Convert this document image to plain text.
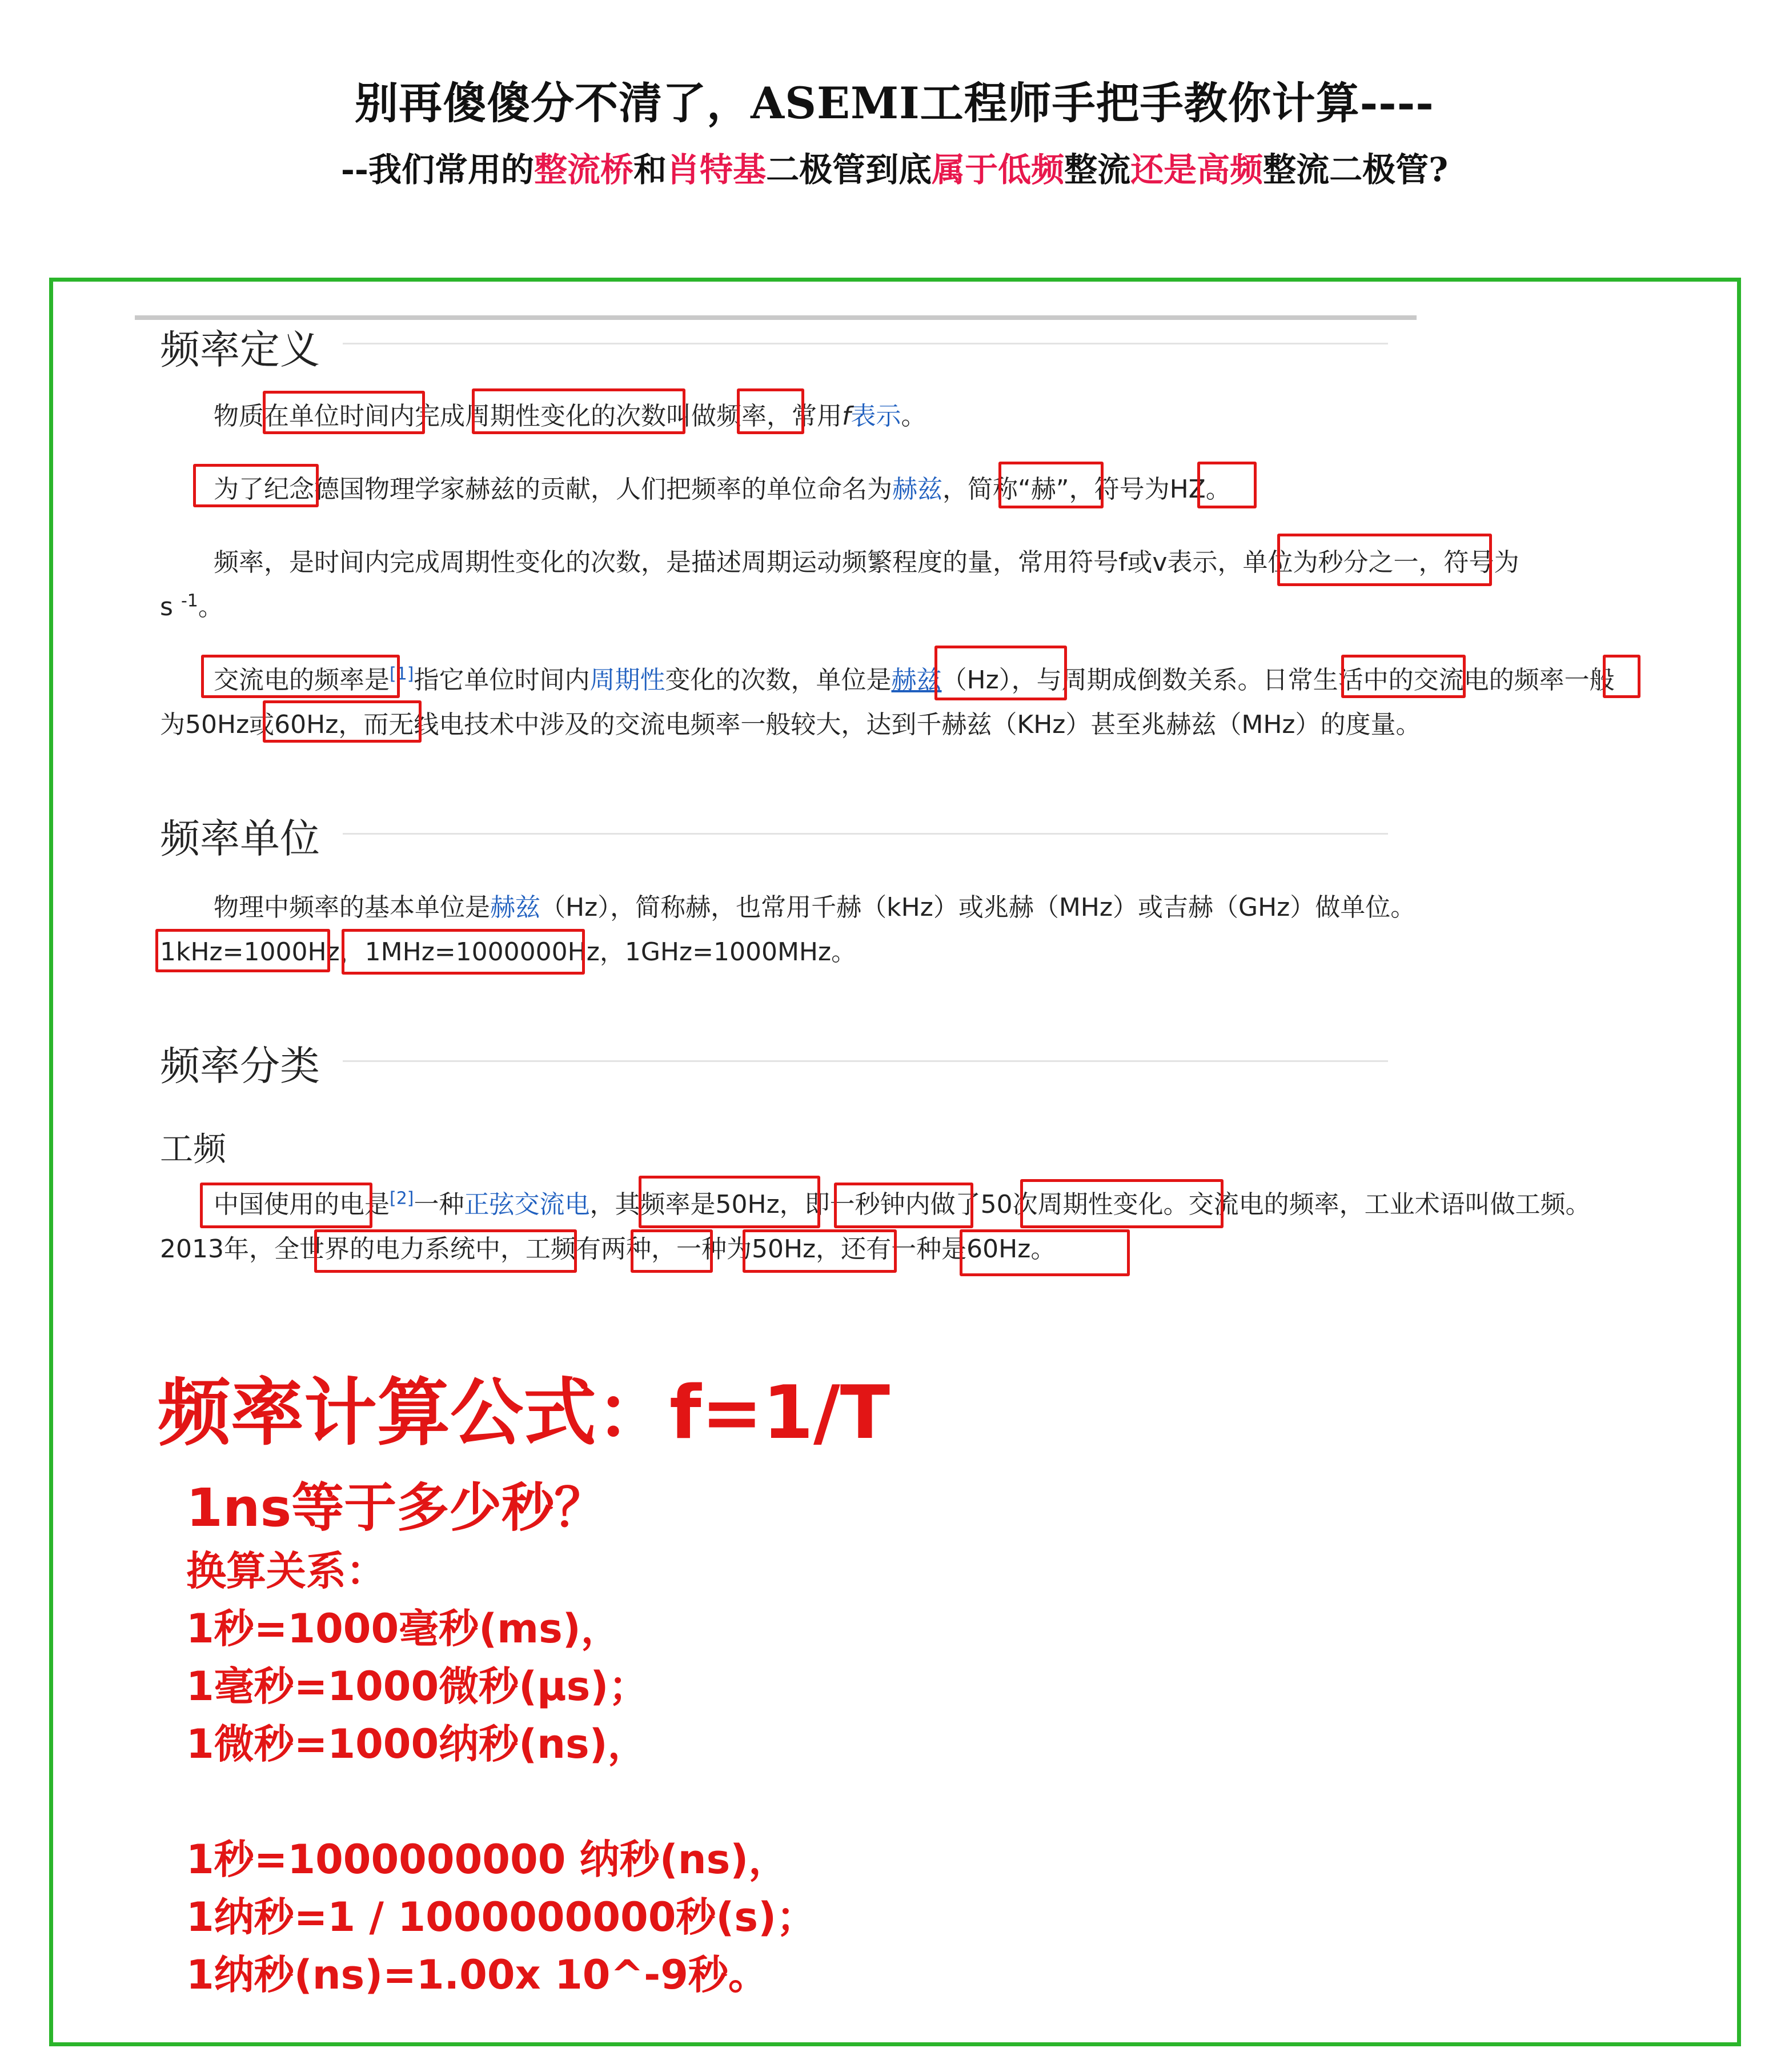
别再傻傻分不清了，ASEMI工程师手把手教你计算----
--我们常用的整流桥和肖特基二极管到底属于低频整流还是高频整流二极管?
频率定义
物质在单位时间内完成周期性变化的次数叫做频率，常用f表示。
为了纪念德国物理学家赫兹的贡献，人们把频率的单位命名为赫兹，简称“赫”，符号为HZ。
频率，是时间内完成周期性变化的次数，是描述周期运动频繁程度的量，常用符号f或v表示，单位为秒分之一，符号为
s $^{-1}$。
交流电的频率是[1]指它单位时间内周期性变化的次数，单位是赫兹（Hz），与周期成倒数关系。日常生活中的交流电的频率一般为50Hz或60Hz，而无线电技术中涉及的交流电频率一般较大，达到千赫兹（KHz）甚至兆赫兹（MHz）的度量。
频率单位
物理中频率的基本单位是赫兹（Hz），简称赫，也常用千赫（kHz）或兆赫（MHz）或吉赫（GHz）做单位。
1kHz=1000Hz，1MHz=1000000Hz，1GHz=1000MHz。
频率分类
工频
中国使用的电是[2]一种正弦交流电，其频率是50Hz，即一秒钟内做了50次周期性变化。交流电的频率，工业术语叫做工频。2013年，全世界的电力系统中，工频有两种，一种为50Hz，还有一种是60Hz。
频率计算公式：f=1/T
1ns等于多少秒？
换算关系：
1秒=1000毫秒(ms)，
1毫秒=1000微秒(μs)；
1微秒=1000纳秒(ns)，
1秒=1000000000 纳秒(ns)，
1纳秒=1 / 1000000000秒(s)；
1纳秒(ns)=1.00x 10^-9秒。
